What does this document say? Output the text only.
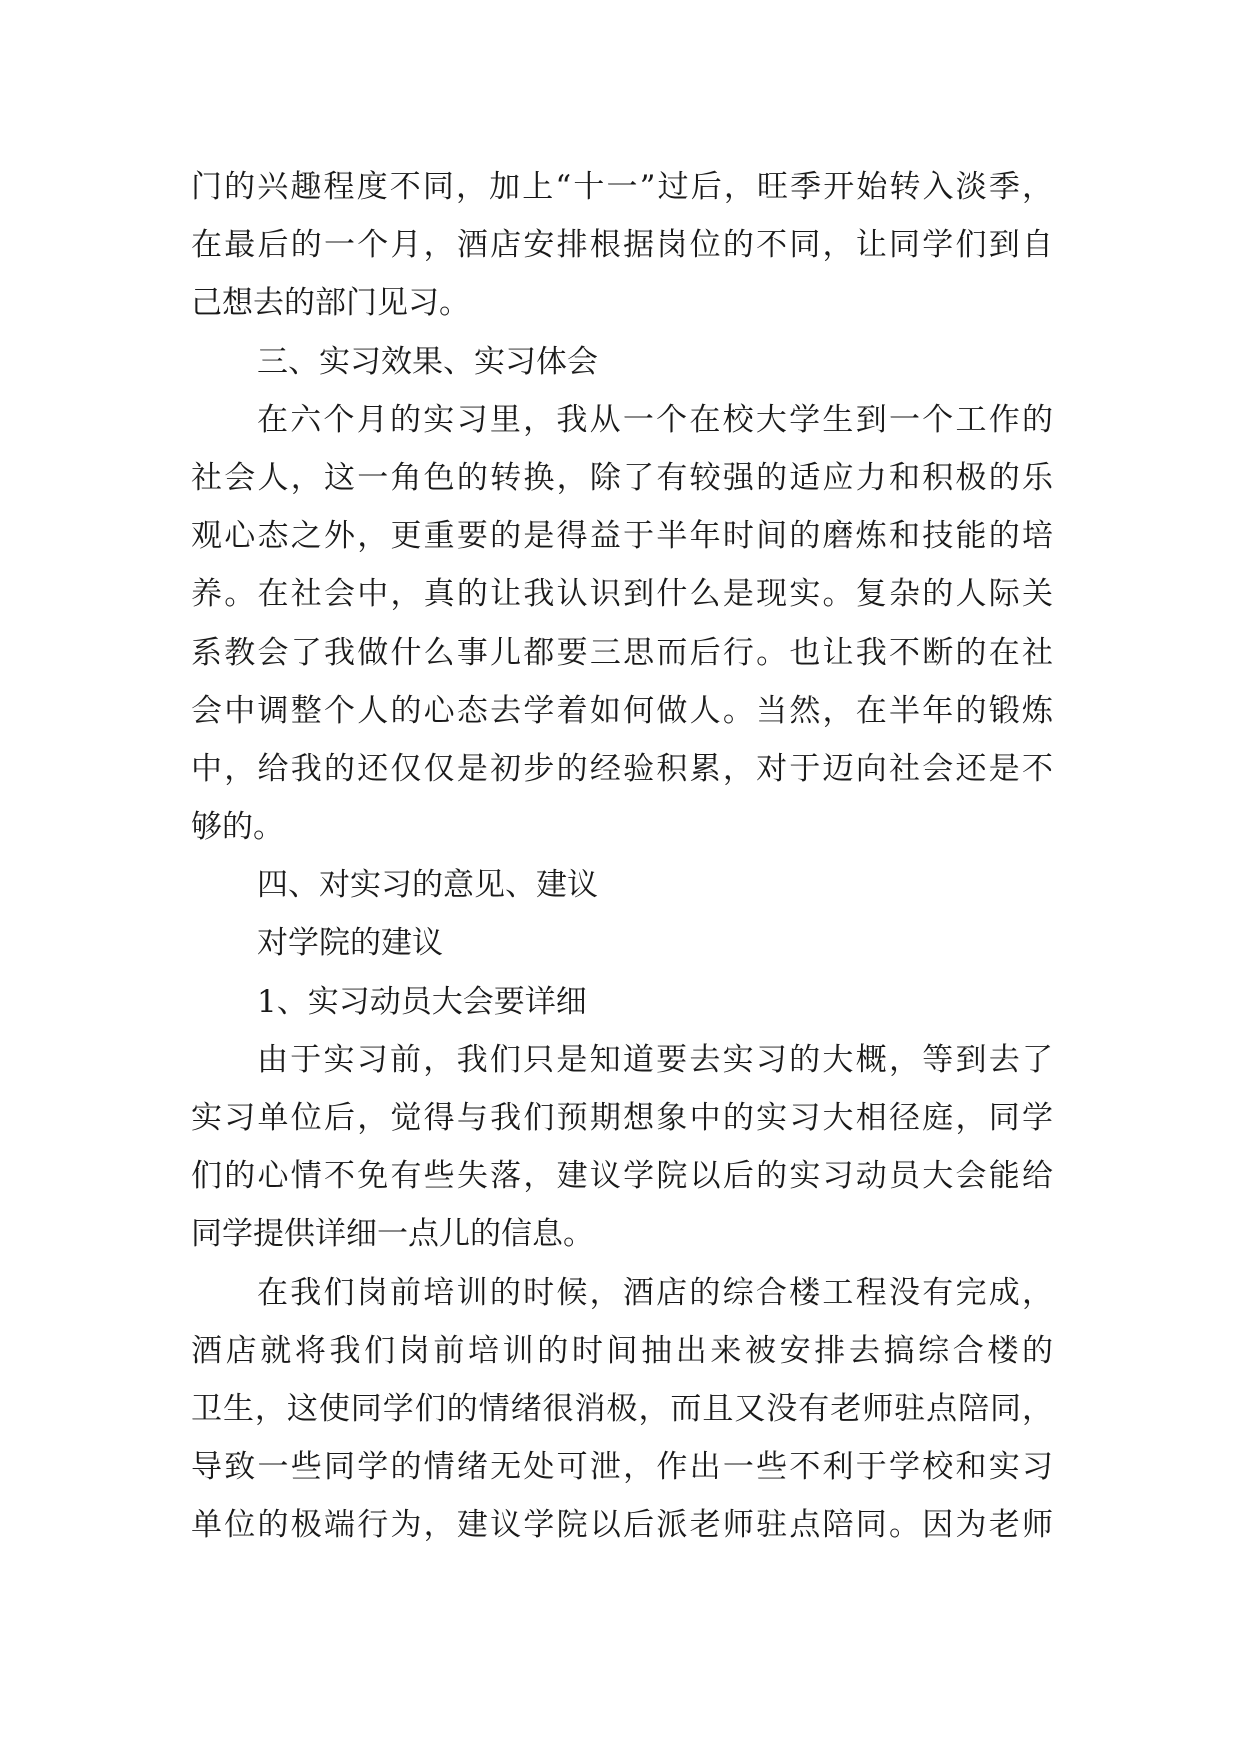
门的兴趣程度不同，加上“十一”过后，旺季开始转入淡季，
在最后的一个月，酒店安排根据岗位的不同，让同学们到自
己想去的部门见习。
三、实习效果、实习体会
在六个月的实习里，我从一个在校大学生到一个工作的
社会人，这一角色的转换，除了有较强的适应力和积极的乐
观心态之外，更重要的是得益于半年时间的磨炼和技能的培
养。在社会中，真的让我认识到什么是现实。复杂的人际关
系教会了我做什么事儿都要三思而后行。也让我不断的在社
会中调整个人的心态去学着如何做人。当然，在半年的锻炼
中，给我的还仅仅是初步的经验积累，对于迈向社会还是不
够的。
四、对实习的意见、建议
对学院的建议
1、实习动员大会要详细
由于实习前，我们只是知道要去实习的大概，等到去了
实习单位后，觉得与我们预期想象中的实习大相径庭，同学
们的心情不免有些失落，建议学院以后的实习动员大会能给
同学提供详细一点儿的信息。
在我们岗前培训的时候，酒店的综合楼工程没有完成，
酒店就将我们岗前培训的时间抽出来被安排去搞综合楼的
卫生，这使同学们的情绪很消极，而且又没有老师驻点陪同，
导致一些同学的情绪无处可泄，作出一些不利于学校和实习
单位的极端行为，建议学院以后派老师驻点陪同。因为老师
